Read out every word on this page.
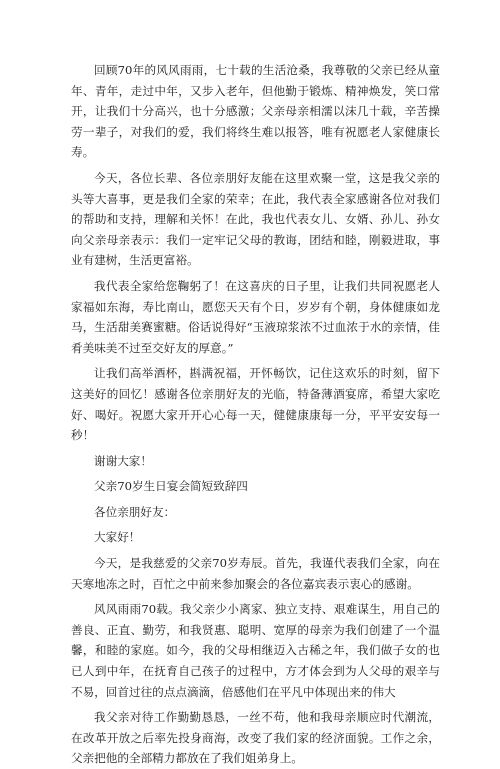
回顾70年的风风雨雨，七十载的生活沧桑，我尊敬的父亲已经从童年、青年，走过中年，又步入老年，但他勤于锻炼、精神焕发，笑口常开，让我们十分高兴，也十分感激；父亲母亲相濡以沫几十载，辛苦操劳一辈子，对我们的爱，我们将终生难以报答，唯有祝愿老人家健康长寿。

今天，各位长辈、各位亲朋好友能在这里欢聚一堂，这是我父亲的头等大喜事，更是我们全家的荣幸；在此，我代表全家感谢各位对我们的帮助和支持，理解和关怀！在此，我也代表女儿、女婿、孙儿、孙女向父亲母亲表示：我们一定牢记父母的教诲，团结和睦，刚毅进取，事业有建树，生活更富裕。

我代表全家给您鞠躬了！在这喜庆的日子里，让我们共同祝愿老人家福如东海，寿比南山，愿您天天有个日，岁岁有个朝，身体健康如龙马，生活甜美赛蜜糖。俗话说得好“玉液琼浆浓不过血浓于水的亲情，佳肴美味美不过至交好友的厚意。”

让我们高举酒杯，斟满祝福，开怀畅饮，记住这欢乐的时刻，留下这美好的回忆！感谢各位亲朋好友的光临，特备薄酒宴席，希望大家吃好、喝好。祝愿大家开开心心每一天，健健康康每一分，平平安安每一秒！

谢谢大家！

父亲70岁生日宴会简短致辞四

各位亲朋好友：

大家好！

今天，是我慈爱的父亲70岁寿辰。首先，我谨代表我们全家，向在天寒地冻之时，百忙之中前来参加聚会的各位嘉宾表示衷心的感谢。

风风雨雨70载。我父亲少小离家、独立支持、艰难谋生，用自己的善良、正直、勤劳，和我贤惠、聪明、宽厚的母亲为我们创建了一个温馨，和睦的家庭。如今，我的父母相继迈入古稀之年，我们做子女的也已人到中年，在抚育自己孩子的过程中，方才体会到为人父母的艰辛与不易，回首过往的点点滴滴，倍感他们在平凡中体现出来的伟大

我父亲对待工作勤勤恳恳，一丝不苟，他和我母亲顺应时代潮流，在改革开放之后率先投身商海，改变了我们家的经济面貌。工作之余，父亲把他的全部精力都放在了我们姐弟身上。
